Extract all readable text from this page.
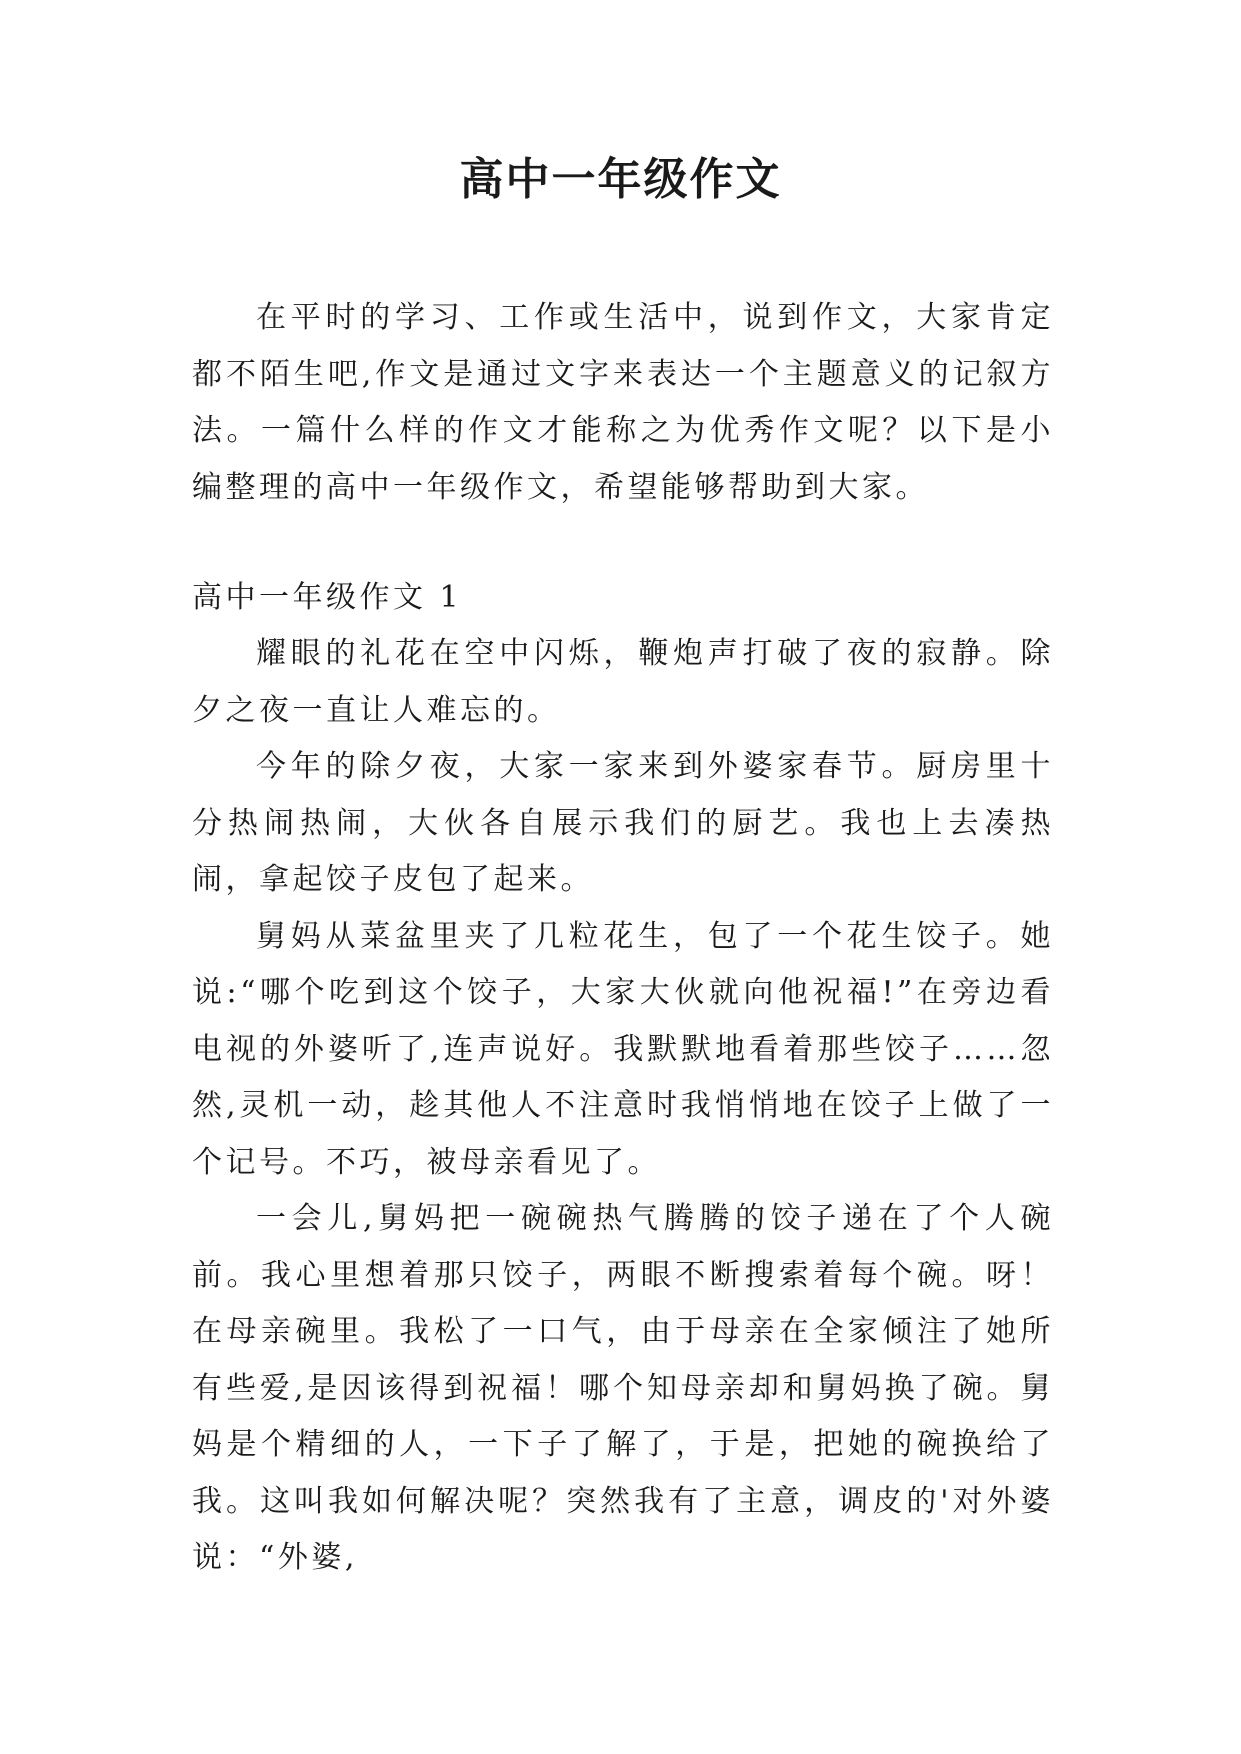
高中一年级作文

在平时的学习、工作或生活中，说到作文，大家肯定都不陌生吧,作文是通过文字来表达一个主题意义的记叙方法。一篇什么样的作文才能称之为优秀作文呢？以下是小编整理的高中一年级作文，希望能够帮助到大家。

高中一年级作文 1

耀眼的礼花在空中闪烁，鞭炮声打破了夜的寂静。除夕之夜一直让人难忘的。

今年的除夕夜，大家一家来到外婆家春节。厨房里十分热闹热闹，大伙各自展示我们的厨艺。我也上去凑热闹，拿起饺子皮包了起来。

舅妈从菜盆里夹了几粒花生，包了一个花生饺子。她说:“哪个吃到这个饺子，大家大伙就向他祝福!”在旁边看电视的外婆听了,连声说好。我默默地看着那些饺子……忽然,灵机一动，趁其他人不注意时我悄悄地在饺子上做了一个记号。不巧，被母亲看见了。

一会儿,舅妈把一碗碗热气腾腾的饺子递在了个人碗前。我心里想着那只饺子，两眼不断搜索着每个碗。呀！在母亲碗里。我松了一口气，由于母亲在全家倾注了她所有些爱,是因该得到祝福！哪个知母亲却和舅妈换了碗。舅妈是个精细的人，一下子了解了，于是，把她的碗换给了我。这叫我如何解决呢？突然我有了主意，调皮的'对外婆说：“外婆,
